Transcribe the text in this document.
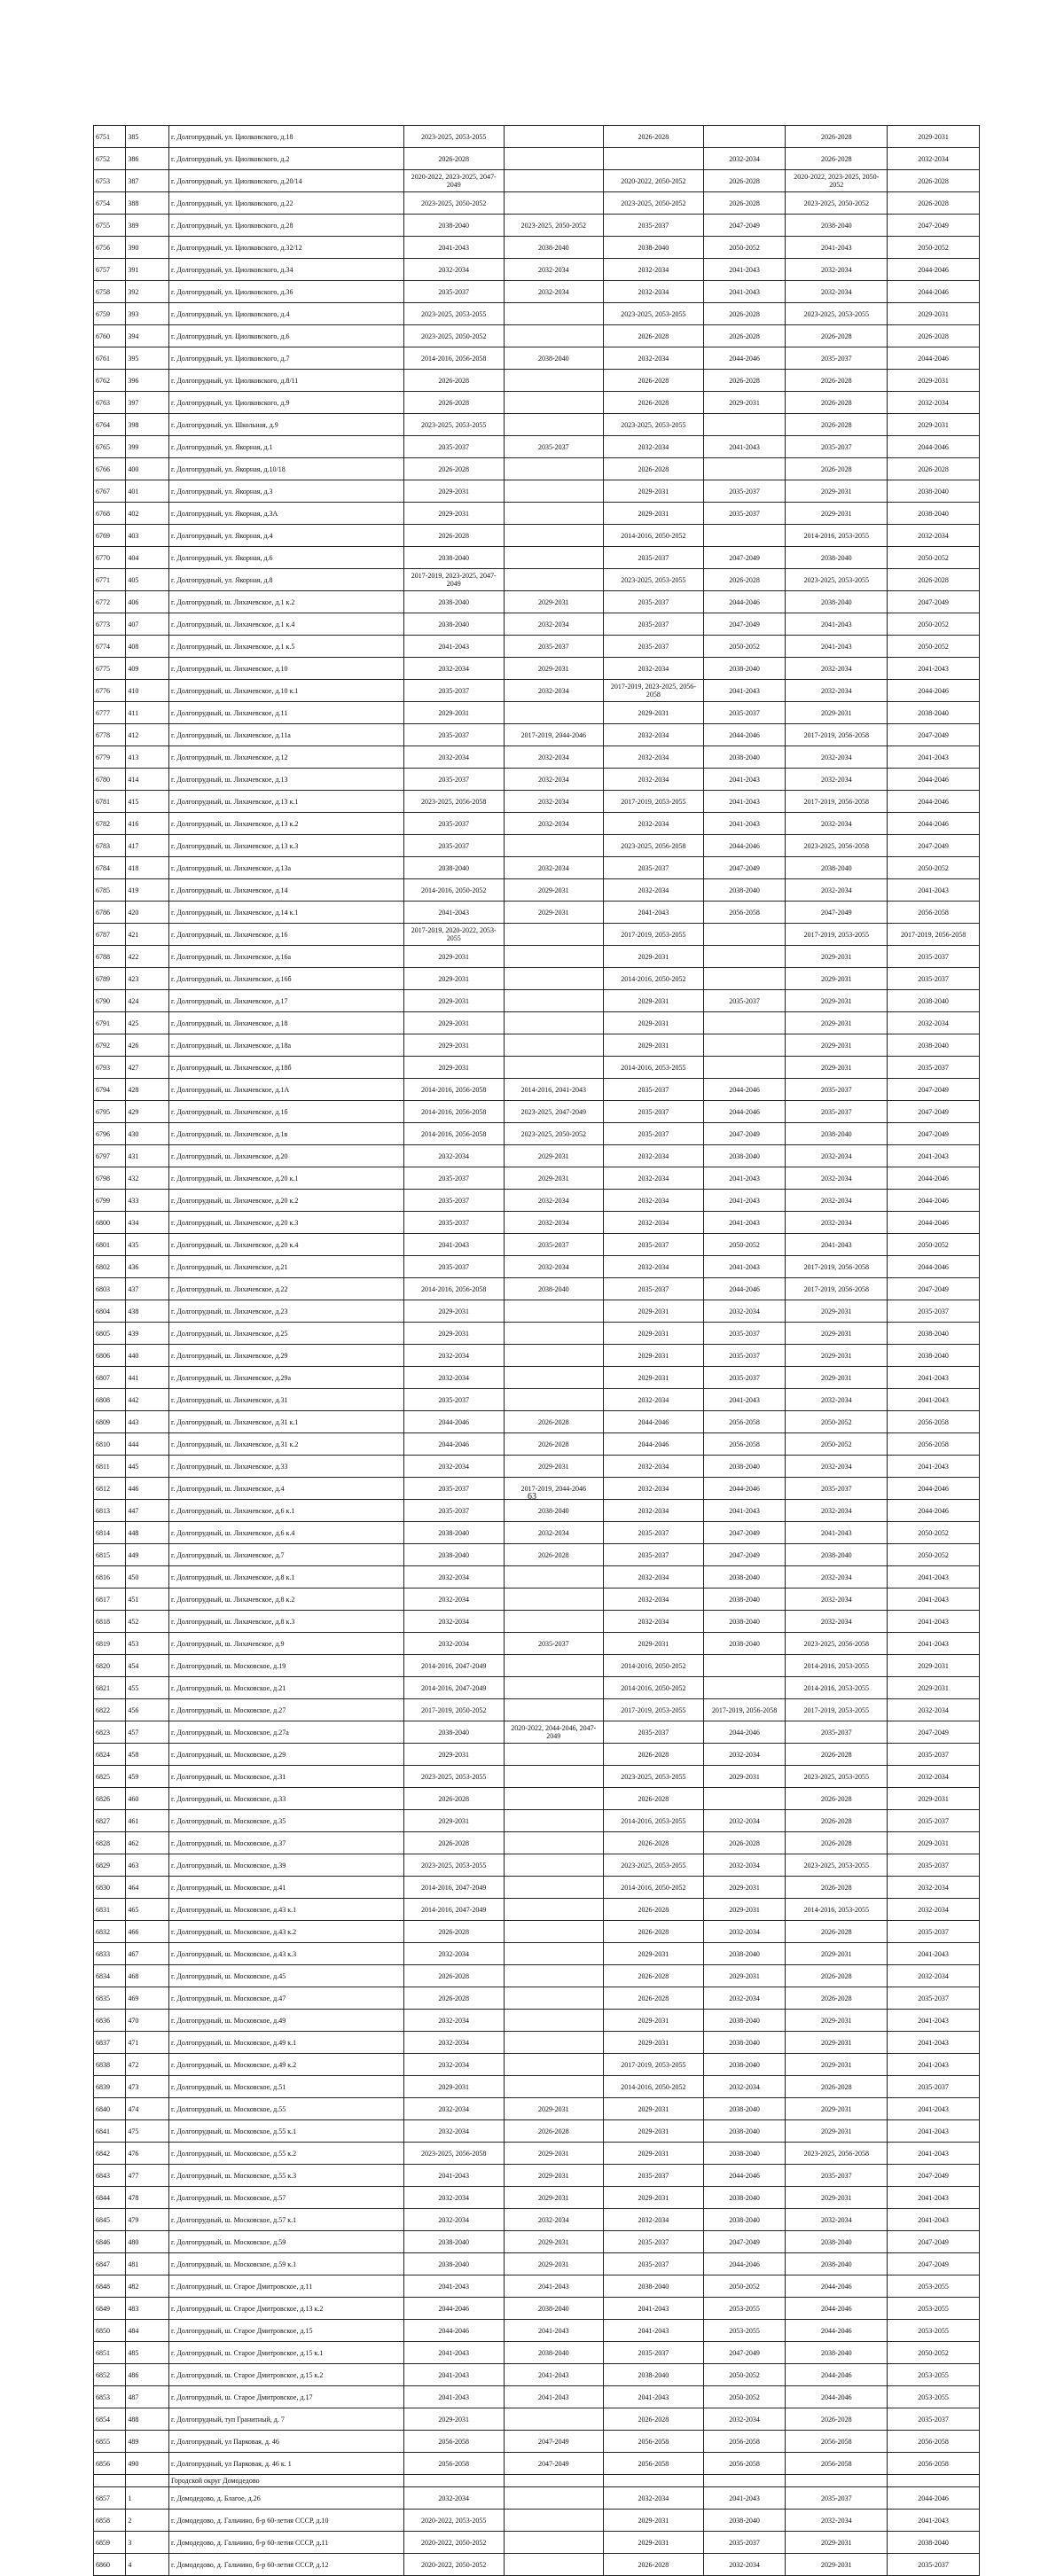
6751	385	г. Долгопрудный, ул. Циолковского, д.18	2023-2025, 2053-2055		2026-2028		2026-2028	2029-2031
6752	386	г. Долгопрудный, ул. Циолковского, д.2	2026-2028			2032-2034	2026-2028	2032-2034
6753	387	г. Долгопрудный, ул. Циолковского, д.20/14	2020-2022, 2023-2025, 2047-2049		2020-2022, 2050-2052	2026-2028	2020-2022, 2023-2025, 2050-2052	2026-2028
6754	388	г. Долгопрудный, ул. Циолковского, д.22	2023-2025, 2050-2052		2023-2025, 2050-2052	2026-2028	2023-2025, 2050-2052	2026-2028
6755	389	г. Долгопрудный, ул. Циолковского, д.28	2038-2040	2023-2025, 2050-2052	2035-2037	2047-2049	2038-2040	2047-2049
6756	390	г. Долгопрудный, ул. Циолковского, д.32/12	2041-2043	2038-2040	2038-2040	2050-2052	2041-2043	2050-2052
6757	391	г. Долгопрудный, ул. Циолковского, д.34	2032-2034	2032-2034	2032-2034	2041-2043	2032-2034	2044-2046
6758	392	г. Долгопрудный, ул. Циолковского, д.36	2035-2037	2032-2034	2032-2034	2041-2043	2032-2034	2044-2046
6759	393	г. Долгопрудный, ул. Циолковского, д.4	2023-2025, 2053-2055		2023-2025, 2053-2055	2026-2028	2023-2025, 2053-2055	2029-2031
6760	394	г. Долгопрудный, ул. Циолковского, д.6	2023-2025, 2050-2052		2026-2028	2026-2028	2026-2028	2026-2028
6761	395	г. Долгопрудный, ул. Циолковского, д.7	2014-2016, 2056-2058	2038-2040	2032-2034	2044-2046	2035-2037	2044-2046
6762	396	г. Долгопрудный, ул. Циолковского, д.8/11	2026-2028		2026-2028	2026-2028	2026-2028	2029-2031
6763	397	г. Долгопрудный, ул. Циолковского, д.9	2026-2028		2026-2028	2029-2031	2026-2028	2032-2034
6764	398	г. Долгопрудный, ул. Школьная, д.9	2023-2025, 2053-2055		2023-2025, 2053-2055		2026-2028	2029-2031
6765	399	г. Долгопрудный, ул. Якорная, д.1	2035-2037	2035-2037	2032-2034	2041-2043	2035-2037	2044-2046
6766	400	г. Долгопрудный, ул. Якорная, д.10/18	2026-2028		2026-2028		2026-2028	2026-2028
6767	401	г. Долгопрудный, ул. Якорная, д.3	2029-2031		2029-2031	2035-2037	2029-2031	2038-2040
6768	402	г. Долгопрудный, ул. Якорная, д.3А	2029-2031		2029-2031	2035-2037	2029-2031	2038-2040
6769	403	г. Долгопрудный, ул. Якорная, д.4	2026-2028		2014-2016, 2050-2052		2014-2016, 2053-2055	2032-2034
6770	404	г. Долгопрудный, ул. Якорная, д.6	2038-2040		2035-2037	2047-2049	2038-2040	2050-2052
6771	405	г. Долгопрудный, ул. Якорная, д.8	2017-2019, 2023-2025, 2047-2049		2023-2025, 2053-2055	2026-2028	2023-2025, 2053-2055	2026-2028
6772	406	г. Долгопрудный, ш. Лихачевское, д.1 к.2	2038-2040	2029-2031	2035-2037	2044-2046	2038-2040	2047-2049
6773	407	г. Долгопрудный, ш. Лихачевское, д.1 к.4	2038-2040	2032-2034	2035-2037	2047-2049	2041-2043	2050-2052
6774	408	г. Долгопрудный, ш. Лихачевское, д.1 к.5	2041-2043	2035-2037	2035-2037	2050-2052	2041-2043	2050-2052
6775	409	г. Долгопрудный, ш. Лихачевское, д.10	2032-2034	2029-2031	2032-2034	2038-2040	2032-2034	2041-2043
6776	410	г. Долгопрудный, ш. Лихачевское, д.10 к.1	2035-2037	2032-2034	2017-2019, 2023-2025, 2056-2058	2041-2043	2032-2034	2044-2046
6777	411	г. Долгопрудный, ш. Лихачевское, д.11	2029-2031		2029-2031	2035-2037	2029-2031	2038-2040
6778	412	г. Долгопрудный, ш. Лихачевское, д.11а	2035-2037	2017-2019, 2044-2046	2032-2034	2044-2046	2017-2019, 2056-2058	2047-2049
6779	413	г. Долгопрудный, ш. Лихачевское, д.12	2032-2034	2032-2034	2032-2034	2038-2040	2032-2034	2041-2043
6780	414	г. Долгопрудный, ш. Лихачевское, д.13	2035-2037	2032-2034	2032-2034	2041-2043	2032-2034	2044-2046
6781	415	г. Долгопрудный, ш. Лихачевское, д.13 к.1	2023-2025, 2056-2058	2032-2034	2017-2019, 2053-2055	2041-2043	2017-2019, 2056-2058	2044-2046
6782	416	г. Долгопрудный, ш. Лихачевское, д.13 к.2	2035-2037	2032-2034	2032-2034	2041-2043	2032-2034	2044-2046
6783	417	г. Долгопрудный, ш. Лихачевское, д.13 к.3	2035-2037		2023-2025, 2056-2058	2044-2046	2023-2025, 2056-2058	2047-2049
6784	418	г. Долгопрудный, ш. Лихачевское, д.13а	2038-2040	2032-2034	2035-2037	2047-2049	2038-2040	2050-2052
6785	419	г. Долгопрудный, ш. Лихачевское, д.14	2014-2016, 2050-2052	2029-2031	2032-2034	2038-2040	2032-2034	2041-2043
6786	420	г. Долгопрудный, ш. Лихачевское, д.14 к.1	2041-2043	2029-2031	2041-2043	2056-2058	2047-2049	2056-2058
6787	421	г. Долгопрудный, ш. Лихачевское, д.16	2017-2019, 2020-2022, 2053-2055		2017-2019, 2053-2055		2017-2019, 2053-2055	2017-2019, 2056-2058
6788	422	г. Долгопрудный, ш. Лихачевское, д.16а	2029-2031		2029-2031		2029-2031	2035-2037
6789	423	г. Долгопрудный, ш. Лихачевское, д.16б	2029-2031		2014-2016, 2050-2052		2029-2031	2035-2037
6790	424	г. Долгопрудный, ш. Лихачевское, д.17	2029-2031		2029-2031	2035-2037	2029-2031	2038-2040
6791	425	г. Долгопрудный, ш. Лихачевское, д.18	2029-2031		2029-2031		2029-2031	2032-2034
6792	426	г. Долгопрудный, ш. Лихачевское, д.18а	2029-2031		2029-2031		2029-2031	2038-2040
6793	427	г. Долгопрудный, ш. Лихачевское, д.18б	2029-2031		2014-2016, 2053-2055		2029-2031	2035-2037
6794	428	г. Долгопрудный, ш. Лихачевское, д.1А	2014-2016, 2056-2058	2014-2016, 2041-2043	2035-2037	2044-2046	2035-2037	2047-2049
6795	429	г. Долгопрудный, ш. Лихачевское, д.1б	2014-2016, 2056-2058	2023-2025, 2047-2049	2035-2037	2044-2046	2035-2037	2047-2049
6796	430	г. Долгопрудный, ш. Лихачевское, д.1в	2014-2016, 2056-2058	2023-2025, 2050-2052	2035-2037	2047-2049	2038-2040	2047-2049
6797	431	г. Долгопрудный, ш. Лихачевское, д.20	2032-2034	2029-2031	2032-2034	2038-2040	2032-2034	2041-2043
6798	432	г. Долгопрудный, ш. Лихачевское, д.20 к.1	2035-2037	2029-2031	2032-2034	2041-2043	2032-2034	2044-2046
6799	433	г. Долгопрудный, ш. Лихачевское, д.20 к.2	2035-2037	2032-2034	2032-2034	2041-2043	2032-2034	2044-2046
6800	434	г. Долгопрудный, ш. Лихачевское, д.20 к.3	2035-2037	2032-2034	2032-2034	2041-2043	2032-2034	2044-2046
6801	435	г. Долгопрудный, ш. Лихачевское, д.20 к.4	2041-2043	2035-2037	2035-2037	2050-2052	2041-2043	2050-2052
6802	436	г. Долгопрудный, ш. Лихачевское, д.21	2035-2037	2032-2034	2032-2034	2041-2043	2017-2019, 2056-2058	2044-2046
6803	437	г. Долгопрудный, ш. Лихачевское, д.22	2014-2016, 2056-2058	2038-2040	2035-2037	2044-2046	2017-2019, 2056-2058	2047-2049
6804	438	г. Долгопрудный, ш. Лихачевское, д.23	2029-2031		2029-2031	2032-2034	2029-2031	2035-2037
6805	439	г. Долгопрудный, ш. Лихачевское, д.25	2029-2031		2029-2031	2035-2037	2029-2031	2038-2040
6806	440	г. Долгопрудный, ш. Лихачевское, д.29	2032-2034		2029-2031	2035-2037	2029-2031	2038-2040
6807	441	г. Долгопрудный, ш. Лихачевское, д.29а	2032-2034		2029-2031	2035-2037	2029-2031	2041-2043
6808	442	г. Долгопрудный, ш. Лихачевское, д.31	2035-2037		2032-2034	2041-2043	2032-2034	2041-2043
6809	443	г. Долгопрудный, ш. Лихачевское, д.31 к.1	2044-2046	2026-2028	2044-2046	2056-2058	2050-2052	2056-2058
6810	444	г. Долгопрудный, ш. Лихачевское, д.31 к.2	2044-2046	2026-2028	2044-2046	2056-2058	2050-2052	2056-2058
6811	445	г. Долгопрудный, ш. Лихачевское, д.33	2032-2034	2029-2031	2032-2034	2038-2040	2032-2034	2041-2043
6812	446	г. Долгопрудный, ш. Лихачевское, д.4	2035-2037	2017-2019, 2044-2046	2032-2034	2044-2046	2035-2037	2044-2046
6813	447	г. Долгопрудный, ш. Лихачевское, д.6 к.1	2035-2037	2038-2040	2032-2034	2041-2043	2032-2034	2044-2046
6814	448	г. Долгопрудный, ш. Лихачевское, д.6 к.4	2038-2040	2032-2034	2035-2037	2047-2049	2041-2043	2050-2052
6815	449	г. Долгопрудный, ш. Лихачевское, д.7	2038-2040	2026-2028	2035-2037	2047-2049	2038-2040	2050-2052
6816	450	г. Долгопрудный, ш. Лихачевское, д.8 к.1	2032-2034		2032-2034	2038-2040	2032-2034	2041-2043
6817	451	г. Долгопрудный, ш. Лихачевское, д.8 к.2	2032-2034		2032-2034	2038-2040	2032-2034	2041-2043
6818	452	г. Долгопрудный, ш. Лихачевское, д.8 к.3	2032-2034		2032-2034	2038-2040	2032-2034	2041-2043
6819	453	г. Долгопрудный, ш. Лихачевское, д.9	2032-2034	2035-2037	2029-2031	2038-2040	2023-2025, 2056-2058	2041-2043
6820	454	г. Долгопрудный, ш. Московское, д.19	2014-2016, 2047-2049		2014-2016, 2050-2052		2014-2016, 2053-2055	2029-2031
6821	455	г. Долгопрудный, ш. Московское, д.21	2014-2016, 2047-2049		2014-2016, 2050-2052		2014-2016, 2053-2055	2029-2031
6822	456	г. Долгопрудный, ш. Московское, д.27	2017-2019, 2050-2052		2017-2019, 2053-2055	2017-2019, 2056-2058	2017-2019, 2053-2055	2032-2034
6823	457	г. Долгопрудный, ш. Московское, д.27а	2038-2040	2020-2022, 2044-2046, 2047-2049	2035-2037	2044-2046	2035-2037	2047-2049
6824	458	г. Долгопрудный, ш. Московское, д.29	2029-2031		2026-2028	2032-2034	2026-2028	2035-2037
6825	459	г. Долгопрудный, ш. Московское, д.31	2023-2025, 2053-2055		2023-2025, 2053-2055	2029-2031	2023-2025, 2053-2055	2032-2034
6826	460	г. Долгопрудный, ш. Московское, д.33	2026-2028		2026-2028		2026-2028	2029-2031
6827	461	г. Долгопрудный, ш. Московское, д.35	2029-2031		2014-2016, 2053-2055	2032-2034	2026-2028	2035-2037
6828	462	г. Долгопрудный, ш. Московское, д.37	2026-2028		2026-2028	2026-2028	2026-2028	2029-2031
6829	463	г. Долгопрудный, ш. Московское, д.39	2023-2025, 2053-2055		2023-2025, 2053-2055	2032-2034	2023-2025, 2053-2055	2035-2037
6830	464	г. Долгопрудный, ш. Московское, д.41	2014-2016, 2047-2049		2014-2016, 2050-2052	2029-2031	2026-2028	2032-2034
6831	465	г. Долгопрудный, ш. Московское, д.43 к.1	2014-2016, 2047-2049		2026-2028	2029-2031	2014-2016, 2053-2055	2032-2034
6832	466	г. Долгопрудный, ш. Московское, д.43 к.2	2026-2028		2026-2028	2032-2034	2026-2028	2035-2037
6833	467	г. Долгопрудный, ш. Московское, д.43 к.3	2032-2034		2029-2031	2038-2040	2029-2031	2041-2043
6834	468	г. Долгопрудный, ш. Московское, д.45	2026-2028		2026-2028	2029-2031	2026-2028	2032-2034
6835	469	г. Долгопрудный, ш. Московское, д.47	2026-2028		2026-2028	2032-2034	2026-2028	2035-2037
6836	470	г. Долгопрудный, ш. Московское, д.49	2032-2034		2029-2031	2038-2040	2029-2031	2041-2043
6837	471	г. Долгопрудный, ш. Московское, д.49 к.1	2032-2034		2029-2031	2038-2040	2029-2031	2041-2043
6838	472	г. Долгопрудный, ш. Московское, д.49 к.2	2032-2034		2017-2019, 2053-2055	2038-2040	2029-2031	2041-2043
6839	473	г. Долгопрудный, ш. Московское, д.51	2029-2031		2014-2016, 2050-2052	2032-2034	2026-2028	2035-2037
6840	474	г. Долгопрудный, ш. Московское, д.55	2032-2034	2029-2031	2029-2031	2038-2040	2029-2031	2041-2043
6841	475	г. Долгопрудный, ш. Московское, д.55 к.1	2032-2034	2026-2028	2029-2031	2038-2040	2029-2031	2041-2043
6842	476	г. Долгопрудный, ш. Московское, д.55 к.2	2023-2025, 2056-2058	2029-2031	2029-2031	2038-2040	2023-2025, 2056-2058	2041-2043
6843	477	г. Долгопрудный, ш. Московское, д.55 к.3	2041-2043	2029-2031	2035-2037	2044-2046	2035-2037	2047-2049
6844	478	г. Долгопрудный, ш. Московское, д.57	2032-2034	2029-2031	2029-2031	2038-2040	2029-2031	2041-2043
6845	479	г. Долгопрудный, ш. Московское, д.57 к.1	2032-2034	2032-2034	2032-2034	2038-2040	2032-2034	2041-2043
6846	480	г. Долгопрудный, ш. Московское, д.59	2038-2040	2029-2031	2035-2037	2047-2049	2038-2040	2047-2049
6847	481	г. Долгопрудный, ш. Московское, д.59 к.1	2038-2040	2029-2031	2035-2037	2044-2046	2038-2040	2047-2049
6848	482	г. Долгопрудный, ш. Старое Дмитровское, д.11	2041-2043	2041-2043	2038-2040	2050-2052	2044-2046	2053-2055
6849	483	г. Долгопрудный, ш. Старое Дмитровское, д.13 к.2	2044-2046	2038-2040	2041-2043	2053-2055	2044-2046	2053-2055
6850	484	г. Долгопрудный, ш. Старое Дмитровское, д.15	2044-2046	2041-2043	2041-2043	2053-2055	2044-2046	2053-2055
6851	485	г. Долгопрудный, ш. Старое Дмитровское, д.15 к.1	2041-2043	2038-2040	2035-2037	2047-2049	2038-2040	2050-2052
6852	486	г. Долгопрудный, ш. Старое Дмитровское, д.15 к.2	2041-2043	2041-2043	2038-2040	2050-2052	2044-2046	2053-2055
6853	487	г. Долгопрудный, ш. Старое Дмитровское, д.17	2041-2043	2041-2043	2041-2043	2050-2052	2044-2046	2053-2055
6854	488	г. Долгопрудный, туп Гранитный, д. 7	2029-2031		2026-2028	2032-2034	2026-2028	2035-2037
6855	489	г. Долгопрудный, ул Парковая, д. 46	2056-2058	2047-2049	2056-2058	2056-2058	2056-2058	2056-2058
6856	490	г. Долгопрудный, ул Парковая, д. 46 к. 1	2056-2058	2047-2049	2056-2058	2056-2058	2056-2058	2056-2058
		Городской округ Домодедово						
6857	1	г. Домодедово, д. Благое, д.26	2032-2034		2032-2034	2041-2043	2035-2037	2044-2046
6858	2	г. Домодедово, д. Гальчино, б-р 60-летия СССР, д.10	2020-2022, 2053-2055		2029-2031	2038-2040	2032-2034	2041-2043
6859	3	г. Домодедово, д. Гальчино, б-р 60-летия СССР, д.11	2020-2022, 2050-2052		2029-2031	2035-2037	2029-2031	2038-2040
6860	4	г. Домодедово, д. Гальчино, б-р 60-летия СССР, д.12	2020-2022, 2050-2052		2026-2028	2032-2034	2029-2031	2035-2037
63
